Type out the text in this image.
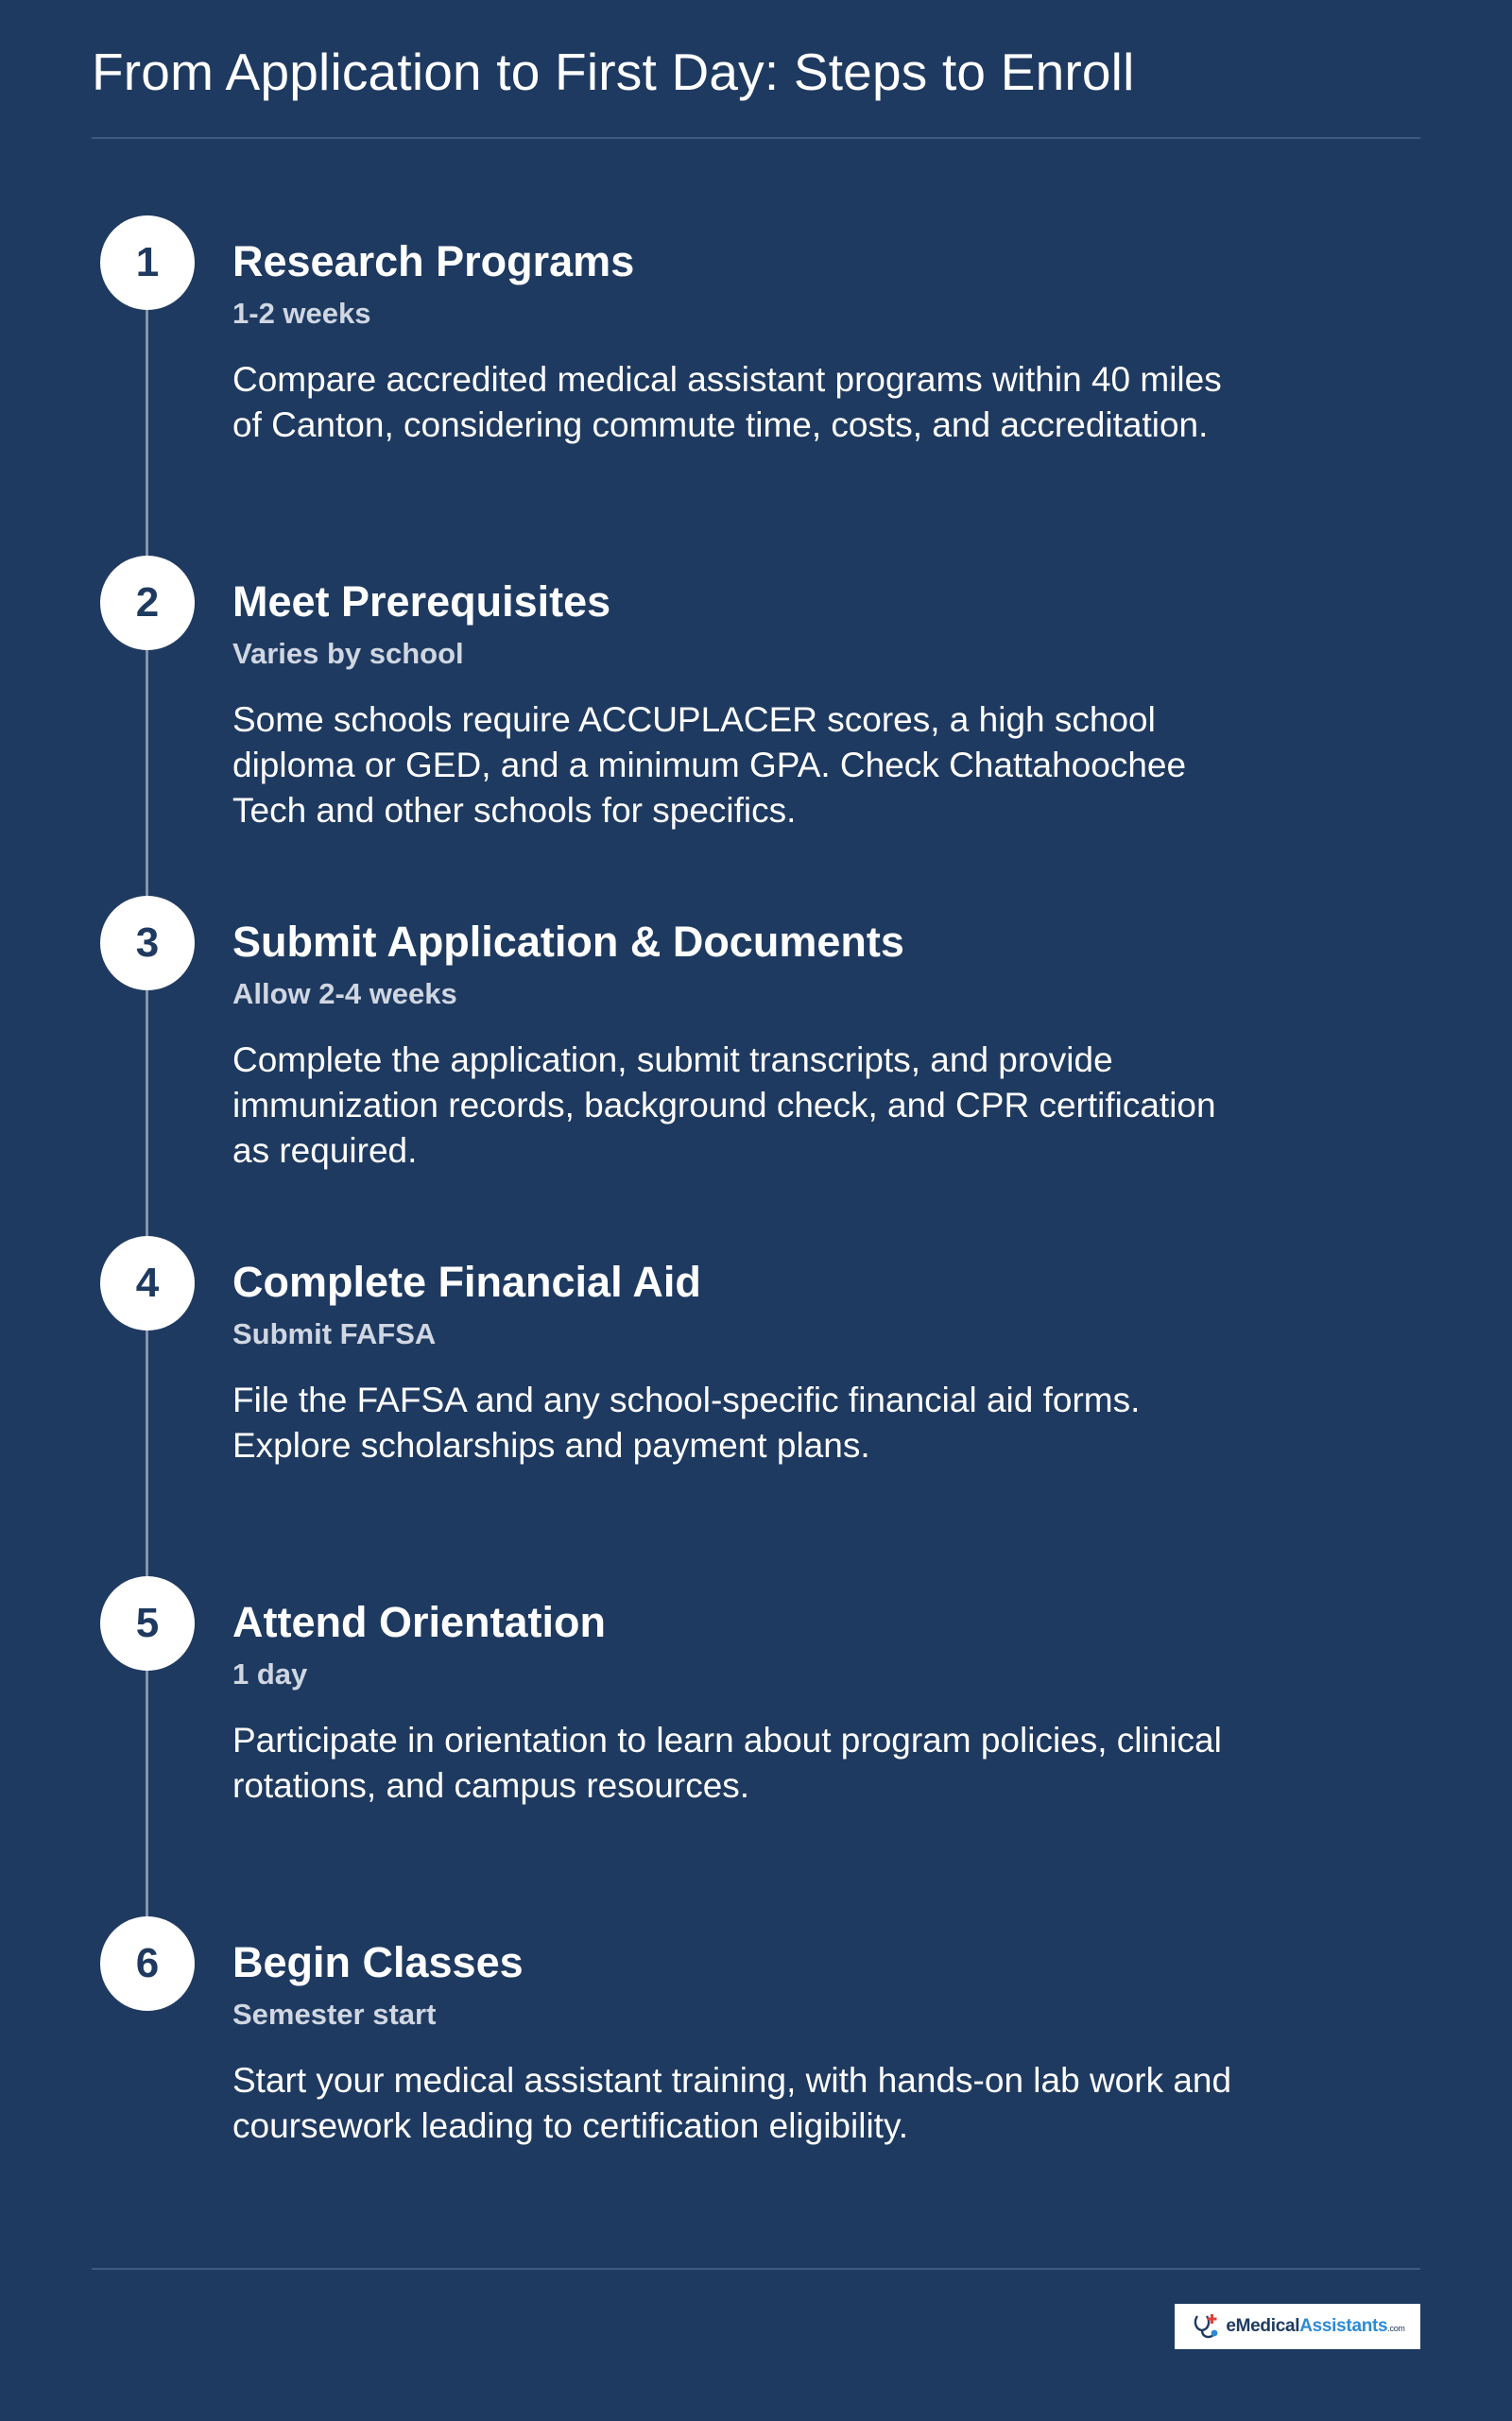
From Application to First Day: Steps to Enroll
1	Research Programs
1-2 weeks
Compare accredited medical assistant programs within 40 miles of Canton, considering commute time, costs, and accreditation.
2	Meet Prerequisites
Varies by school
Some schools require ACCUPLACER scores, a high school diploma or GED, and a minimum GPA. Check Chattahoochee Tech and other schools for specifics.
3	Submit Application & Documents
Allow 2-4 weeks
Complete the application, submit transcripts, and provide immunization records, background check, and CPR certification as required.
4	Complete Financial Aid
Submit FAFSA
File the FAFSA and any school-specific financial aid forms. Explore scholarships and payment plans.
5	Attend Orientation
1 day
Participate in orientation to learn about program policies, clinical rotations, and campus resources.
6	Begin Classes
Semester start
Start your medical assistant training, with hands-on lab work and coursework leading to certification eligibility.
eMedicalAssistants.com
